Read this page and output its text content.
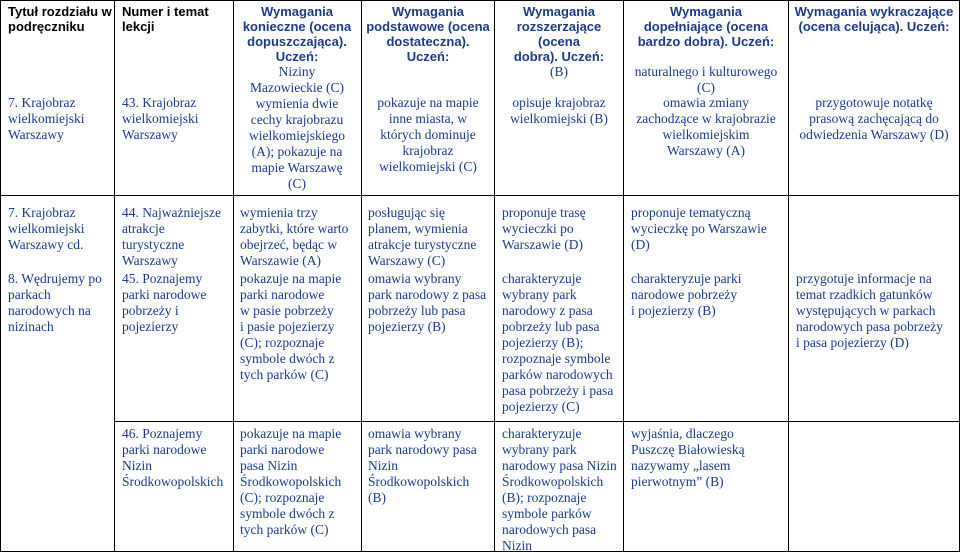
Tytuł rozdziału w
podręczniku
Numer i temat
lekcji
Wymagania
konieczne (ocena
dopuszczająca).
Uczeń:
Wymagania
podstawowe (ocena
dostateczna). Uczeń:
Wymagania
rozszerzające (ocena
dobra). Uczeń:
Wymagania
dopełniające (ocena
bardzo dobra). Uczeń:
Wymagania wykraczające
(ocena celująca). Uczeń:
7. Krajobraz
wielkomiejski
Warszawy
43. Krajobraz
wielkomiejski
Warszawy
Niziny
Mazowieckie (C)
wymienia dwie
cechy krajobrazu
wielkomiejskiego
(A); pokazuje na
mapie Warszawę
(C)
pokazuje na mapie
inne miasta, w
których dominuje
krajobraz
wielkomiejski (C)
(B)
opisuje krajobraz
wielkomiejski (B)
naturalnego i kulturowego
(C)
omawia zmiany
zachodzące w krajobrazie
wielkomiejskim
Warszawy (A)
przygotowuje notatkę
prasową zachęcającą do
odwiedzenia Warszawy (D)
7. Krajobraz
wielkomiejski
Warszawy cd.
8. Wędrujemy po
parkach
narodowych na
nizinach
44. Najważniejsze
atrakcje
turystyczne
Warszawy
45. Poznajemy
parki narodowe
pobrzeży i
pojezierzy
wymienia trzy
zabytki, które warto
obejrzeć, będąc w
Warszawie (A)
pokazuje na mapie
parki narodowe
w pasie pobrzeży
i pasie pojezierzy
(C); rozpoznaje
symbole dwóch z
tych parków (C)
posługując się
planem, wymienia
atrakcje turystyczne
Warszawy (C)
omawia wybrany
park narodowy z pasa
pobrzeży lub pasa
pojezierzy (B)
proponuje trasę
wycieczki po
Warszawie (D)
charakteryzuje
wybrany park
narodowy z pasa
pobrzeży lub pasa
pojezierzy (B);
rozpoznaje symbole
parków narodowych
pasa pobrzeży i pasa
pojezierzy (C)
proponuje tematyczną
wycieczkę po Warszawie
(D)
charakteryzuje parki
narodowe pobrzeży
i pojezierzy (B)
przygotuje informacje na
temat rzadkich gatunków
występujących w parkach
narodowych pasa pobrzeży
i pasa pojezierzy (D)
46. Poznajemy
parki narodowe
Nizin
Środkowopolskich
pokazuje na mapie
parki narodowe
pasa Nizin
Środkowopolskich
(C); rozpoznaje
symbole dwóch z
tych parków (C)
omawia wybrany
park narodowy pasa
Nizin
Środkowopolskich
(B)
charakteryzuje
wybrany park
narodowy pasa Nizin
Środkowopolskich
(B); rozpoznaje
symbole parków
narodowych pasa
Nizin
wyjaśnia, dlaczego
Puszczę Białowieską
nazywamy „lasem
pierwotnym” (B)
